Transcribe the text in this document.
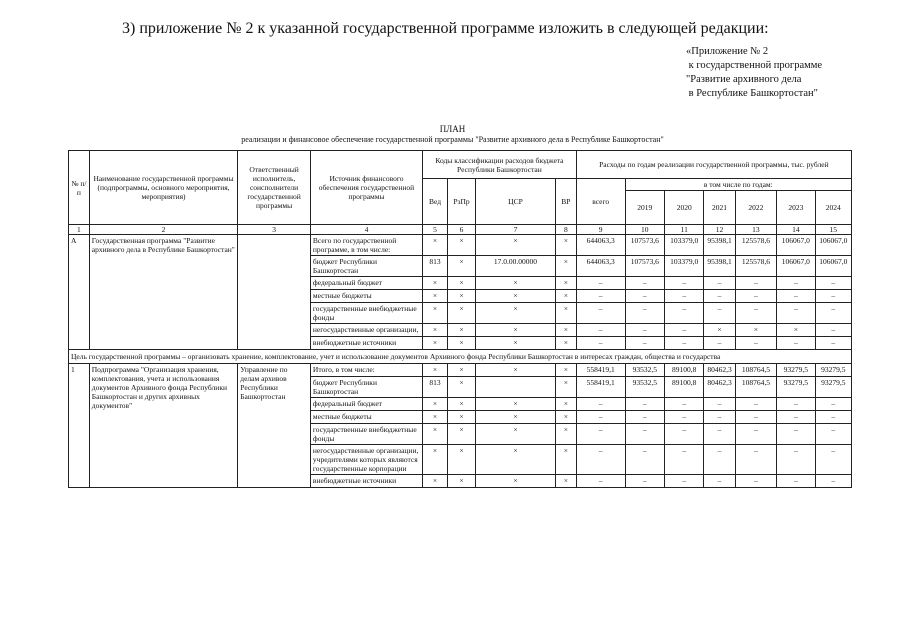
3) приложение № 2 к указанной государственной программе изложить в следующей редакции:
«Приложение № 2
к государственной программе
"Развитие архивного дела
в Республике Башкортостан"
ПЛАН
реализации и финансовое обеспечение государственной программы "Развитие архивного дела в Республике Башкортостан"
№ п/п	Наименование государственной программы (подпрограммы, основного мероприятия, мероприятия)	Ответственный исполнитель, соисполнители государственной программы	Источник финансового обеспечения государственной программы	Коды классификации расходов бюджета Республики Башкортостан				Расходы по годам реализации государственной программы, тыс. рублей						
				Вед	РзПр	ЦСР	ВР	всего	в том числе по годам:					
									2019	2020	2021	2022	2023	2024
1	2	3	4	5	6	7	8	9	10	11	12	13	14	15
А	Государственная программа "Развитие архивного дела в Республике Башкортостан"		Всего по государственной программе, в том числе:	×	×	×	×	644063,3	107573,6	103379,0	95398,1	125578,6	106067,0	106067,0
			бюджет Республики Башкортостан	813	×	17.0.00.00000	×	644063,3	107573,6	103379,0	95398,1	125578,6	106067,0	106067,0
			федеральный бюджет	×	×	×	×	–	–	–	–	–	–	–
			местные бюджеты	×	×	×	×	–	–	–	–	–	–	–
			государственные внебюджетные фонды	×	×	×	×	–	–	–	–	–	–	–
			негосударственные организации,	×	×	×	×	–	–	–	×	×	×	–
			внебюджетные источники	×	×	×	×	–	–	–	–	–	–	–
Цель государственной программы – организовать хранение, комплектование, учет и использование документов Архивного фонда Республики Башкортостан в интересах граждан, общества и государства														
1	Подпрограмма "Организация хранения, комплектования, учета и использования документов Архивного фонда Республики Башкортостан и других архивных документов"	Управление по делам архивов Республики Башкортостан	Итого, в том числе:	×	×	×	×	558419,1	93532,5	89100,8	80462,3	108764,5	93279,5	93279,5
			бюджет Республики Башкортостан	813	×		×	558419,1	93532,5	89100,8	80462,3	108764,5	93279,5	93279,5
			федеральный бюджет	×	×	×	×	–	–	–	–	–	–	–
			местные бюджеты	×	×	×	×	–	–	–	–	–	–	–
			государственные внебюджетные фонды	×	×	×	×	–	–	–	–	–	–	–
			негосударственные организации, учредителями которых являются государственные корпорации	×	×	×	×	–	–	–	–	–	–	–
			внебюджетные источники	×	×	×	×	–	–	–	–	–	–	–
